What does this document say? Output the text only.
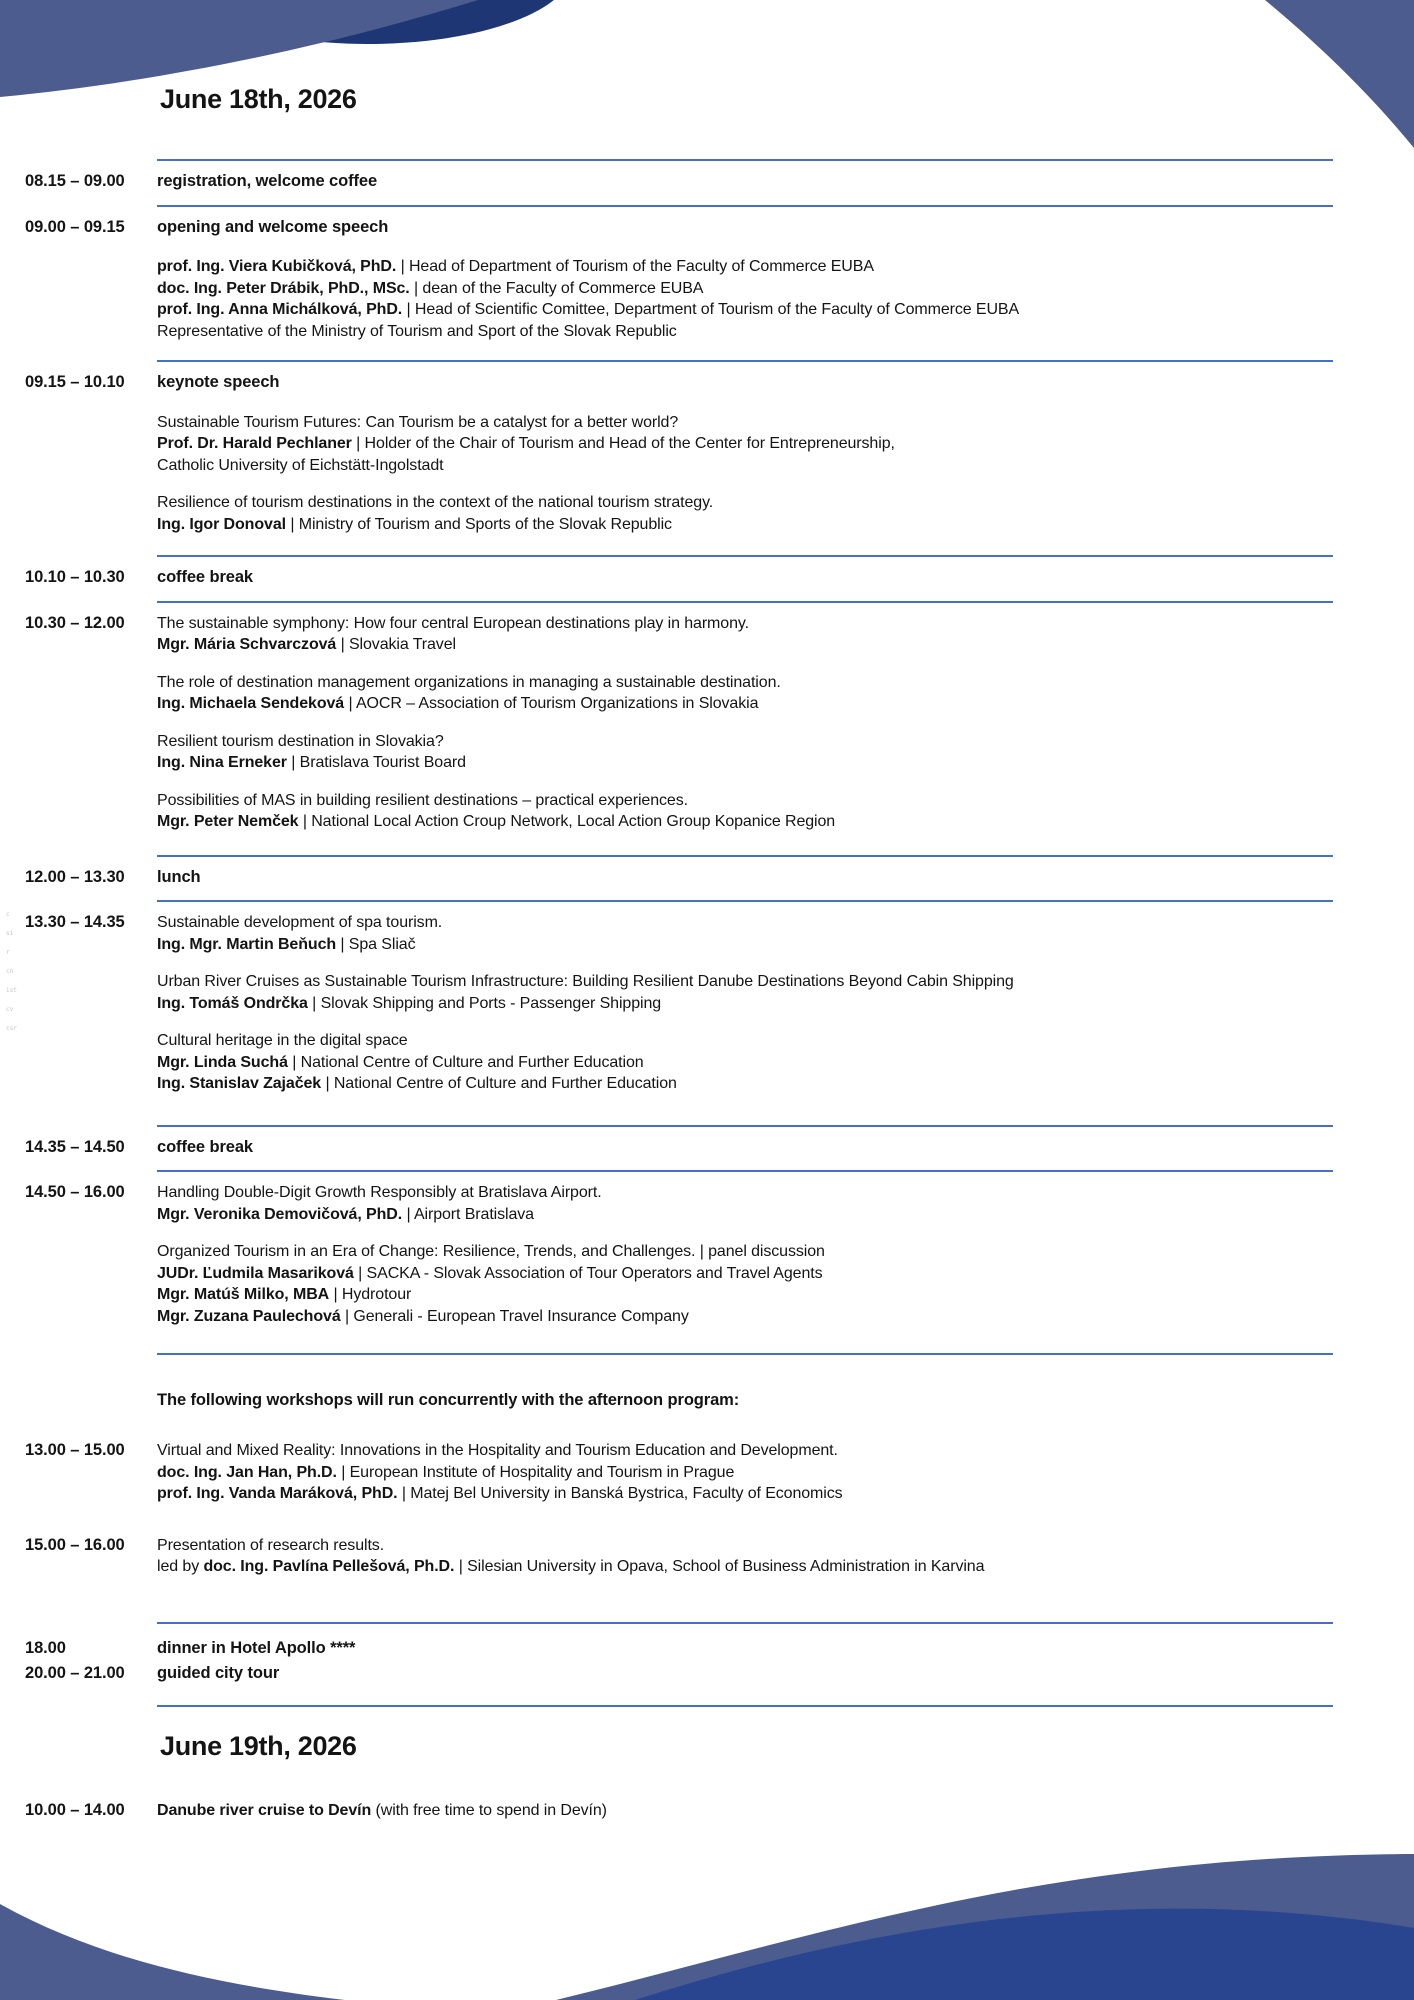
c
si
r
cn
ist
cv
csr
June 18th, 2026
08.15 – 09.00	registration, welcome coffee

09.00 – 09.15	opening and welcome speech

prof. Ing. Viera Kubičková, PhD. | Head of Department of Tourism of the Faculty of Commerce EUBA

doc. Ing. Peter Drábik, PhD., MSc. | dean of the Faculty of Commerce EUBA

prof. Ing. Anna Michálková, PhD. | Head of Scientific Comittee, Department of Tourism of the Faculty of Commerce EUBA

Representative of the Ministry of Tourism and Sport of the Slovak Republic

09.15 – 10.10	keynote speech

Sustainable Tourism Futures: Can Tourism be a catalyst for a better world?

Prof. Dr. Harald Pechlaner | Holder of the Chair of Tourism and Head of the Center for Entrepreneurship,

Catholic University of Eichstätt-Ingolstadt

Resilience of tourism destinations in the context of the national tourism strategy.

Ing. Igor Donoval | Ministry of Tourism and Sports of the Slovak Republic

10.10 – 10.30	coffee break

10.30 – 12.00	The sustainable symphony: How four central European destinations play in harmony.

Mgr. Mária Schvarczová | Slovakia Travel

The role of destination management organizations in managing a sustainable destination.

Ing. Michaela Sendeková | AOCR – Association of Tourism Organizations in Slovakia

Resilient tourism destination in Slovakia?

Ing. Nina Erneker | Bratislava Tourist Board

Possibilities of MAS in building resilient destinations – practical experiences.

Mgr. Peter Nemček | National Local Action Croup Network, Local Action Group Kopanice Region

12.00 – 13.30	lunch

13.30 – 14.35	Sustainable development of spa tourism.

Ing. Mgr. Martin Beňuch | Spa Sliač

Urban River Cruises as Sustainable Tourism Infrastructure: Building Resilient Danube Destinations Beyond Cabin Shipping

Ing. Tomáš Ondrčka | Slovak Shipping and Ports - Passenger Shipping

Cultural heritage in the digital space

Mgr. Linda Suchá | National Centre of Culture and Further Education

Ing. Stanislav Zajaček | National Centre of Culture and Further Education

14.35 – 14.50	coffee break

14.50 – 16.00	Handling Double-Digit Growth Responsibly at Bratislava Airport.

Mgr. Veronika Demovičová, PhD. | Airport Bratislava

Organized Tourism in an Era of Change: Resilience, Trends, and Challenges. | panel discussion

JUDr. Ľudmila Masariková | SACKA - Slovak Association of Tour Operators and Travel Agents

Mgr. Matúš Milko, MBA | Hydrotour

Mgr. Zuzana Paulechová | Generali - European Travel Insurance Company

The following workshops will run concurrently with the afternoon program:

13.00 – 15.00	Virtual and Mixed Reality: Innovations in the Hospitality and Tourism Education and Development.

doc. Ing. Jan Han, Ph.D. | European Institute of Hospitality and Tourism in Prague

prof. Ing. Vanda Maráková, PhD. | Matej Bel University in Banská Bystrica, Faculty of Economics

15.00 – 16.00	Presentation of research results.

led by doc. Ing. Pavlína Pellešová, Ph.D. | Silesian University in Opava, School of Business Administration in Karvina

18.00	dinner in Hotel Apollo ****

20.00 – 21.00	guided city tour

June 19th, 2026
10.00 – 14.00	Danube river cruise to Devín (with free time to spend in Devín)
